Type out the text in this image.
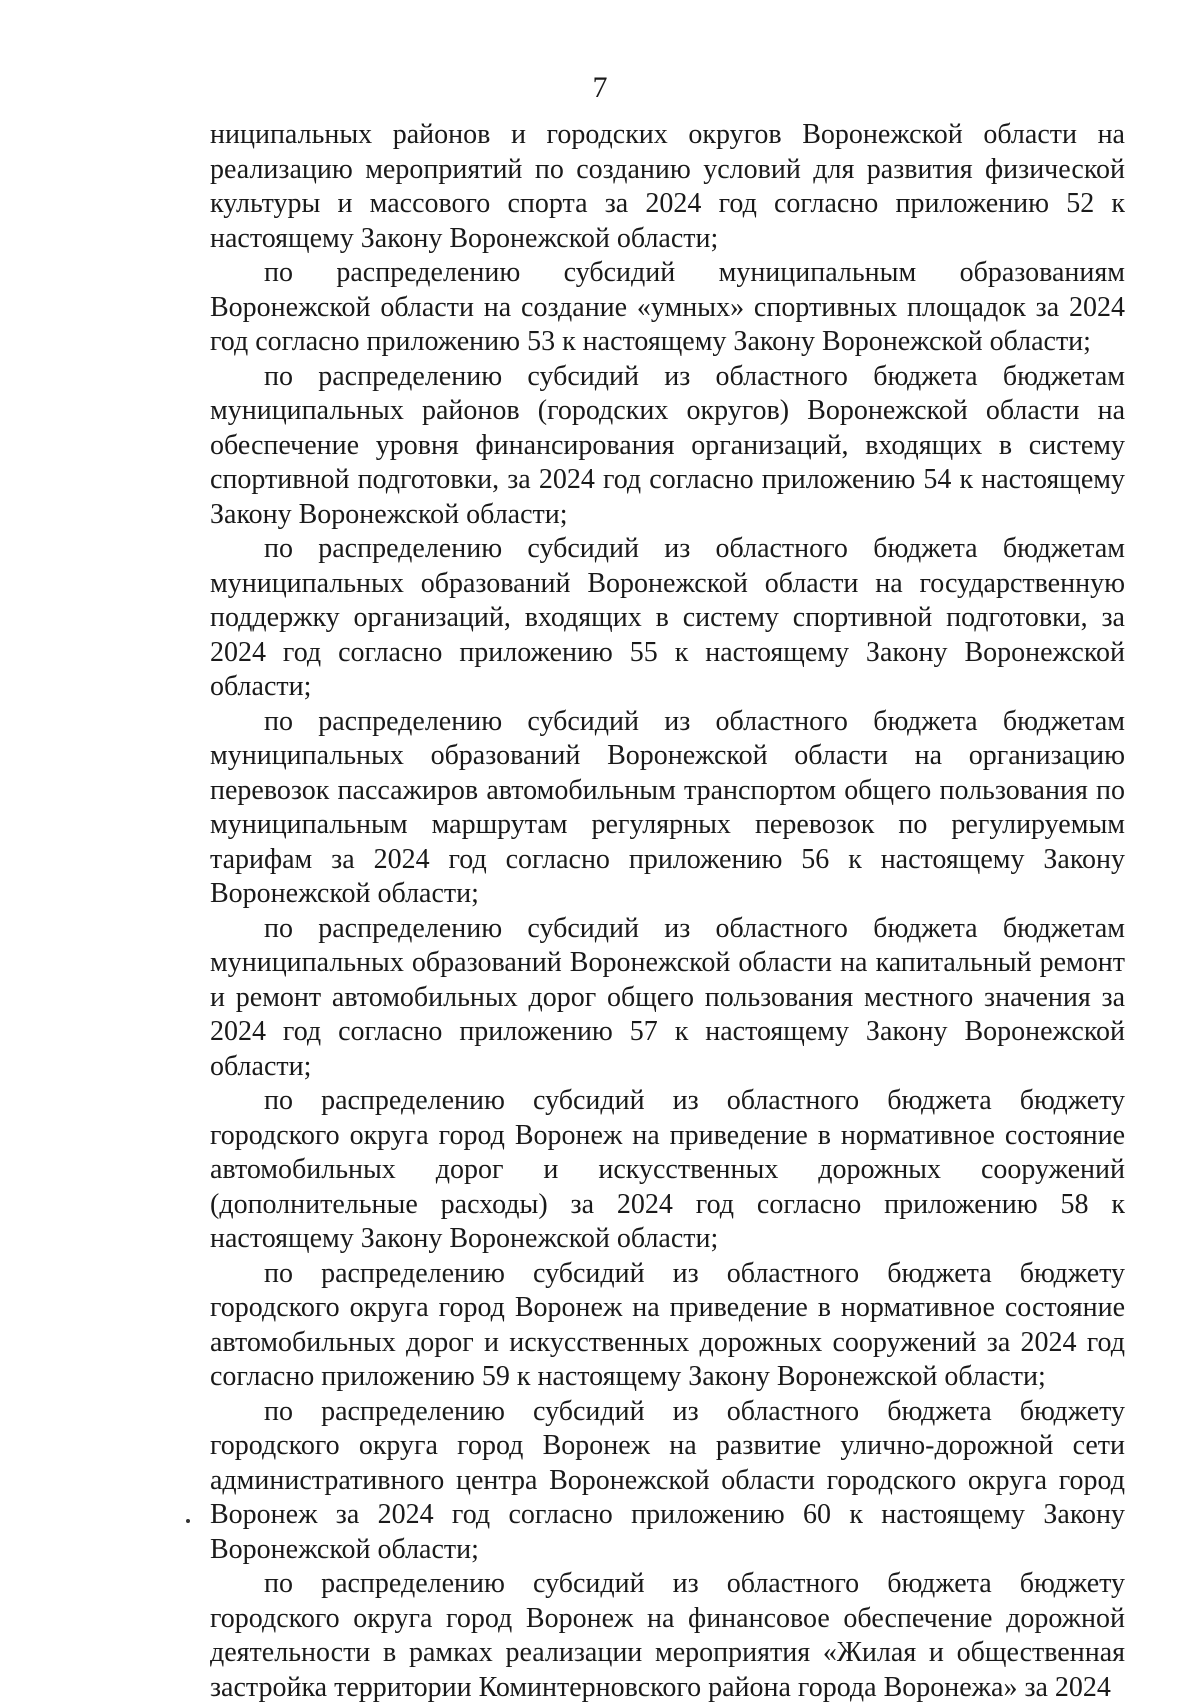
7

ниципальных районов и городских округов Воронежской области на реализацию мероприятий по созданию условий для развития физической культуры и массового спорта за 2024 год согласно приложению 52 к настоящему Закону Воронежской области;

по распределению субсидий муниципальным образованиям Воронежской области на создание «умных» спортивных площадок за 2024 год согласно приложению 53 к настоящему Закону Воронежской области;

по распределению субсидий из областного бюджета бюджетам муниципальных районов (городских округов) Воронежской области на обеспечение уровня финансирования организаций, входящих в систему спортивной подготовки, за 2024 год согласно приложению 54 к настоящему Закону Воронежской области;

по распределению субсидий из областного бюджета бюджетам муниципальных образований Воронежской области на государственную поддержку организаций, входящих в систему спортивной подготовки, за 2024 год согласно приложению 55 к настоящему Закону Воронежской области;

по распределению субсидий из областного бюджета бюджетам муниципальных образований Воронежской области на организацию перевозок пассажиров автомобильным транспортом общего пользования по муниципальным маршрутам регулярных перевозок по регулируемым тарифам за 2024 год согласно приложению 56 к настоящему Закону Воронежской области;

по распределению субсидий из областного бюджета бюджетам муниципальных образований Воронежской области на капитальный ремонт и ремонт автомобильных дорог общего пользования местного значения за 2024 год согласно приложению 57 к настоящему Закону Воронежской области;

по распределению субсидий из областного бюджета бюджету городского округа город Воронеж на приведение в нормативное состояние автомобильных дорог и искусственных дорожных сооружений (дополнительные расходы) за 2024 год согласно приложению 58 к настоящему Закону Воронежской области;

по распределению субсидий из областного бюджета бюджету городского округа город Воронеж на приведение в нормативное состояние автомобильных дорог и искусственных дорожных сооружений за 2024 год согласно приложению 59 к настоящему Закону Воронежской области;

по распределению субсидий из областного бюджета бюджету городского округа город Воронеж на развитие улично-дорожной сети административного центра Воронежской области городского округа город Воронеж за 2024 год согласно приложению 60 к настоящему Закону Воронежской области;

по распределению субсидий из областного бюджета бюджету городского округа город Воронеж на финансовое обеспечение дорожной деятельности в рамках реализации мероприятия «Жилая и общественная застройка территории Коминтерновского района города Воронежа» за 2024
